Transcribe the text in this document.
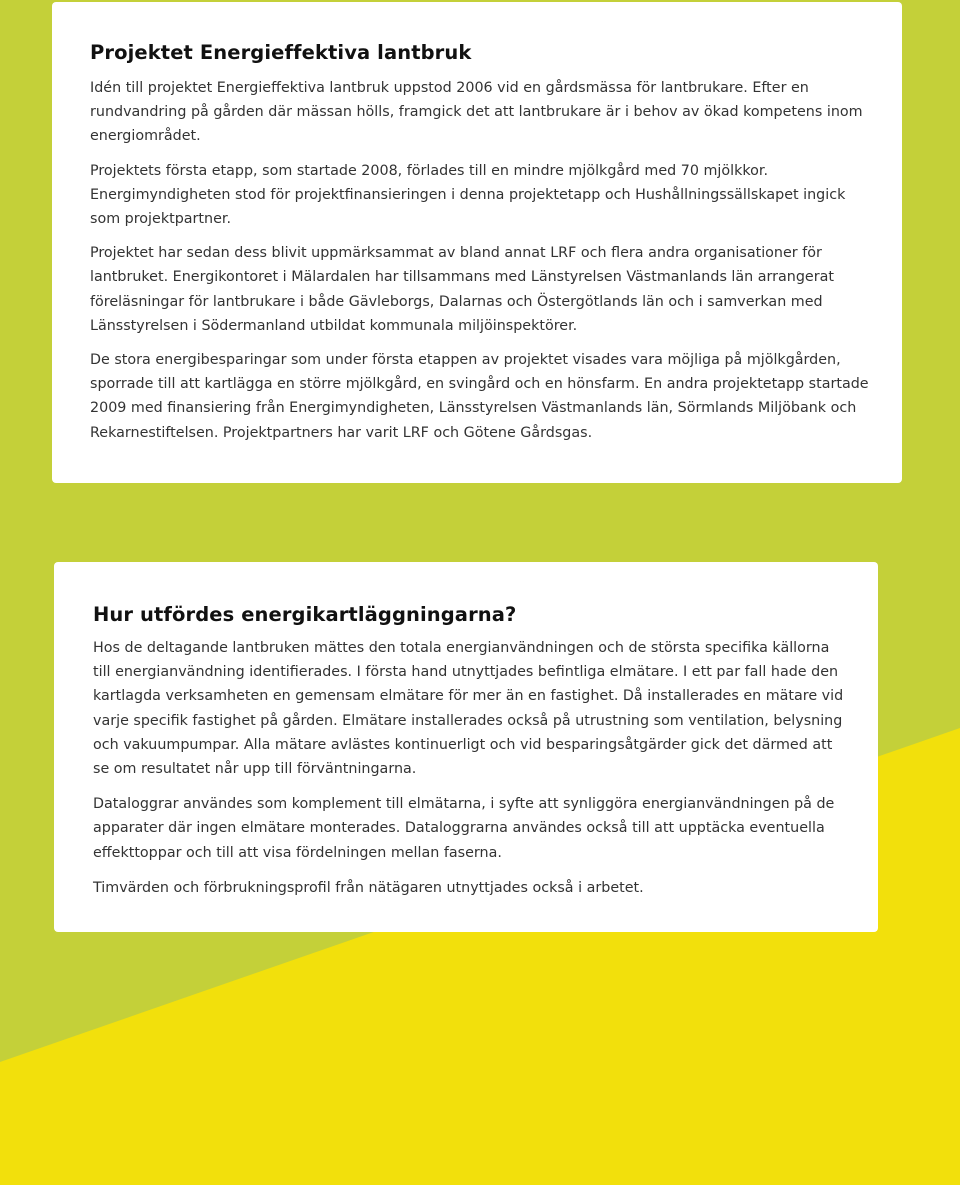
Projektet Energieffektiva lantbruk

Idén till projektet Energieffektiva lantbruk uppstod 2006 vid en gårdsmässa för lantbrukare. Efter en rundvandring på gården där mässan hölls, framgick det att lantbrukare är i behov av ökad kompetens inom energiområdet.

Projektets första etapp, som startade 2008, förlades till en mindre mjölkgård med 70 mjölkkor. Energimyndigheten stod för projektfinansieringen i denna projektetapp och Hushållningssällskapet ingick som projektpartner.

Projektet har sedan dess blivit uppmärksammat av bland annat LRF och flera andra organisationer för lantbruket. Energikontoret i Mälardalen har tillsammans med Länstyrelsen Västmanlands län arrangerat föreläsningar för lantbrukare i både Gävleborgs, Dalarnas och Östergötlands län och i samverkan med Länsstyrelsen i Södermanland utbildat kommunala miljöinspektörer.

De stora energibesparingar som under första etappen av projektet visades vara möjliga på mjölkgården, sporrade till att kartlägga en större mjölkgård, en svingård och en hönsfarm. En andra projektetapp startade 2009 med finansiering från Energimyndigheten, Länsstyrelsen Västmanlands län, Sörmlands Miljöbank och Rekarnestiftelsen. Projektpartners har varit LRF och Götene Gårdsgas.

Hur utfördes energikartläggningarna?

Hos de deltagande lantbruken mättes den totala energianvändningen och de största specifika källorna till energianvändning identifierades. I första hand utnyttjades befintliga elmätare. I ett par fall hade den kartlagda verksamheten en gemensam elmätare för mer än en fastighet. Då installerades en mätare vid varje specifik fastighet på gården. Elmätare installerades också på utrustning som ventilation, belysning och vakuumpumpar. Alla mätare avlästes kontinuerligt och vid besparingsåtgärder gick det därmed att se om resultatet når upp till förväntningarna.

Dataloggrar användes som komplement till elmätarna, i syfte att synliggöra energianvändningen på de apparater där ingen elmätare monterades. Dataloggrarna användes också till att upptäcka eventuella effekttoppar och till att visa fördelningen mellan faserna.

Timvärden och förbrukningsprofil från nätägaren utnyttjades också i arbetet.
